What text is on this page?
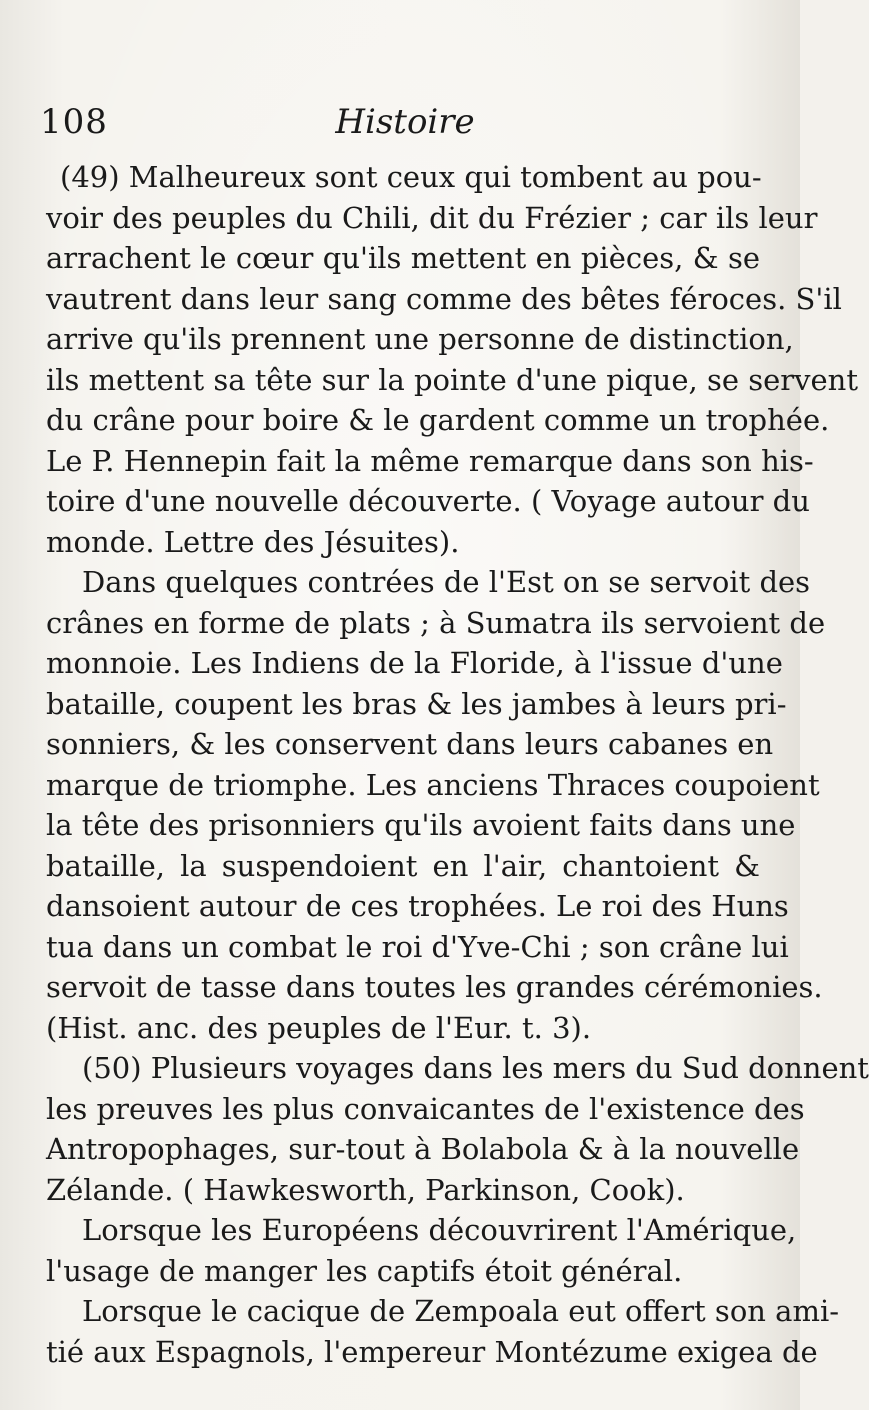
108	Histoire
(49) Malheureux sont ceux qui tombent au pou-
voir des peuples du Chili, dit du Frézier ; car ils leur
arrachent le cœur qu'ils mettent en pièces, & se
vautrent dans leur sang comme des bêtes féroces. S'il
arrive qu'ils prennent une personne de distinction,
ils mettent sa tête sur la pointe d'une pique, se servent
du crâne pour boire & le gardent comme un trophée.
Le P. Hennepin fait la même remarque dans son his-
toire d'une nouvelle découverte. ( Voyage autour du
monde. Lettre des Jésuites).
Dans quelques contrées de l'Est on se servoit des
crânes en forme de plats ; à Sumatra ils servoient de
monnoie. Les Indiens de la Floride, à l'issue d'une
bataille, coupent les bras & les jambes à leurs pri-
sonniers, & les conservent dans leurs cabanes en
marque de triomphe. Les anciens Thraces coupoient
la tête des prisonniers qu'ils avoient faits dans une
bataille, la suspendoient en l'air, chantoient &
dansoient autour de ces trophées. Le roi des Huns
tua dans un combat le roi d'Yve-Chi ; son crâne lui
servoit de tasse dans toutes les grandes cérémonies.
(Hist. anc. des peuples de l'Eur. t. 3).
(50) Plusieurs voyages dans les mers du Sud donnent
les preuves les plus convaicantes de l'existence des
Antropophages, sur-tout à Bolabola & à la nouvelle
Zélande. ( Hawkesworth, Parkinson, Cook).
Lorsque les Européens découvrirent l'Amérique,
l'usage de manger les captifs étoit général.
Lorsque le cacique de Zempoala eut offert son ami-
tié aux Espagnols, l'empereur Montézume exigea de
